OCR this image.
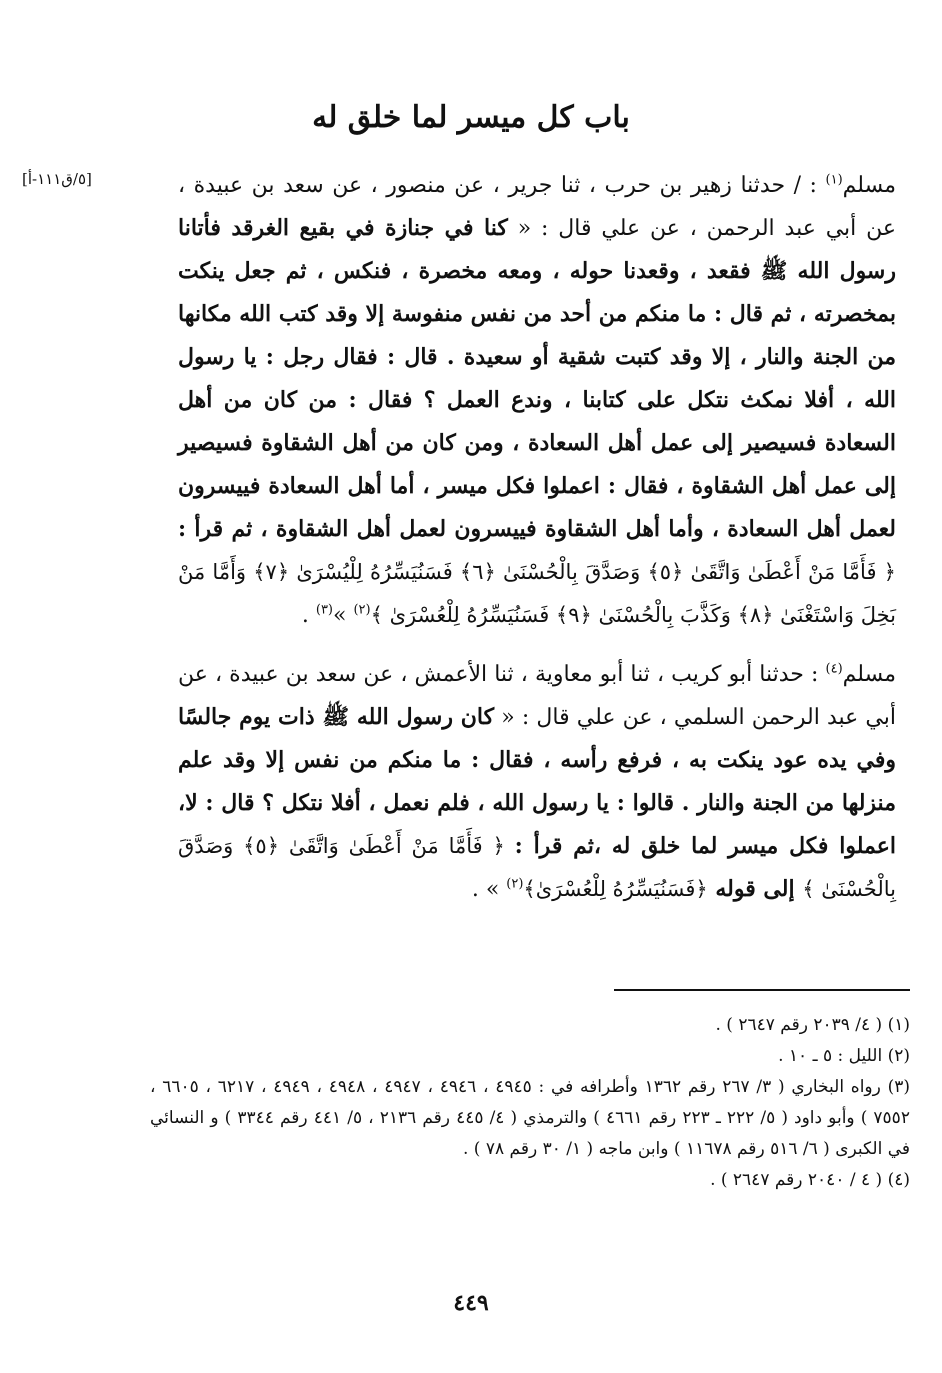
باب كل ميسر لما خلق له
[٥/ق١١١-أ]	مسلم$^{(١)}$ : / حدثنا زهير بن حرب ، ثنا جرير ، عن منصور ، عن سعد بن عبيدة ، عن أبي عبد الرحمن ، عن علي قال : « كنا في جنازة في بقيع الغرقد فأتانا رسول الله ﷺ فقعد ، وقعدنا حوله ، ومعه مخصرة ، فنكس ، ثم جعل ينكت بمخصرته ، ثم قال : ما منكم من أحد من نفس منفوسة إلا وقد كتب الله مكانها من الجنة والنار ، إلا وقد كتبت شقية أو سعيدة . قال : فقال رجل : يا رسول الله ، أفلا نمكث نتكل على كتابنا ، وندع العمل ؟ فقال : من كان من أهل السعادة فسيصير إلى عمل أهل السعادة ، ومن كان من أهل الشقاوة فسيصير إلى عمل أهل الشقاوة ، فقال : اعملوا فكل ميسر ، أما أهل السعادة فييسرون لعمل أهل السعادة ، وأما أهل الشقاوة فييسرون لعمل أهل الشقاوة ، ثم قرأ : ﴿ فَأَمَّا مَنْ أَعْطَىٰ وَاتَّقَىٰ ﴿٥﴾ وَصَدَّقَ بِالْحُسْنَىٰ ﴿٦﴾ فَسَنُيَسِّرُهُ لِلْيُسْرَىٰ ﴿٧﴾ وَأَمَّا مَنْ بَخِلَ وَاسْتَغْنَىٰ ﴿٨﴾ وَكَذَّبَ بِالْحُسْنَىٰ ﴿٩﴾ فَسَنُيَسِّرُهُ لِلْعُسْرَىٰ ﴾$^{(٢)}$ »$^{(٣)}$ .

مسلم$^{(٤)}$ : حدثنا أبو كريب ، ثنا أبو معاوية ، ثنا الأعمش ، عن سعد بن عبيدة ، عن أبي عبد الرحمن السلمي ، عن علي قال : « كان رسول الله ﷺ ذات يوم جالسًا وفي يده عود ينكت به ، فرفع رأسه ، فقال : ما منكم من نفس إلا وقد علم منزلها من الجنة والنار . قالوا : يا رسول الله ، فلم نعمل ، أفلا نتكل ؟ قال : لا، اعملوا فكل ميسر لما خلق له ،ثم قرأ : ﴿ فَأَمَّا مَنْ أَعْطَىٰ وَاتَّقَىٰ ﴿٥﴾ وَصَدَّقَ بِالْحُسْنَىٰ ﴾ إلى قوله ﴿فَسَنُيَسِّرُهُ لِلْعُسْرَىٰ﴾$^{(٢)}$ » .

(١) ( ٤/ ٢٠٣٩ رقم ٢٦٤٧ ) .

(٢) الليل : ٥ ـ ١٠ .

(٣) رواه البخاري ( ٣/ ٢٦٧ رقم ١٣٦٢ وأطرافه في : ٤٩٤٥ ، ٤٩٤٦ ، ٤٩٤٧ ، ٤٩٤٨ ، ٤٩٤٩ ، ٦٢١٧ ، ٦٦٠٥ ، ٧٥٥٢ ) وأبو داود ( ٥/ ٢٢٢ ـ ٢٢٣ رقم ٤٦٦١ ) والترمذي ( ٤/ ٤٤٥ رقم ٢١٣٦ ، ٥/ ٤٤١ رقم ٣٣٤٤ ) و النسائي في الكبرى ( ٦/ ٥١٦ رقم ١١٦٧٨ ) وابن ماجه ( ١/ ٣٠ رقم ٧٨ ) .

(٤) ( ٤ / ٢٠٤٠ رقم ٢٦٤٧ ) .

٤٤٩
